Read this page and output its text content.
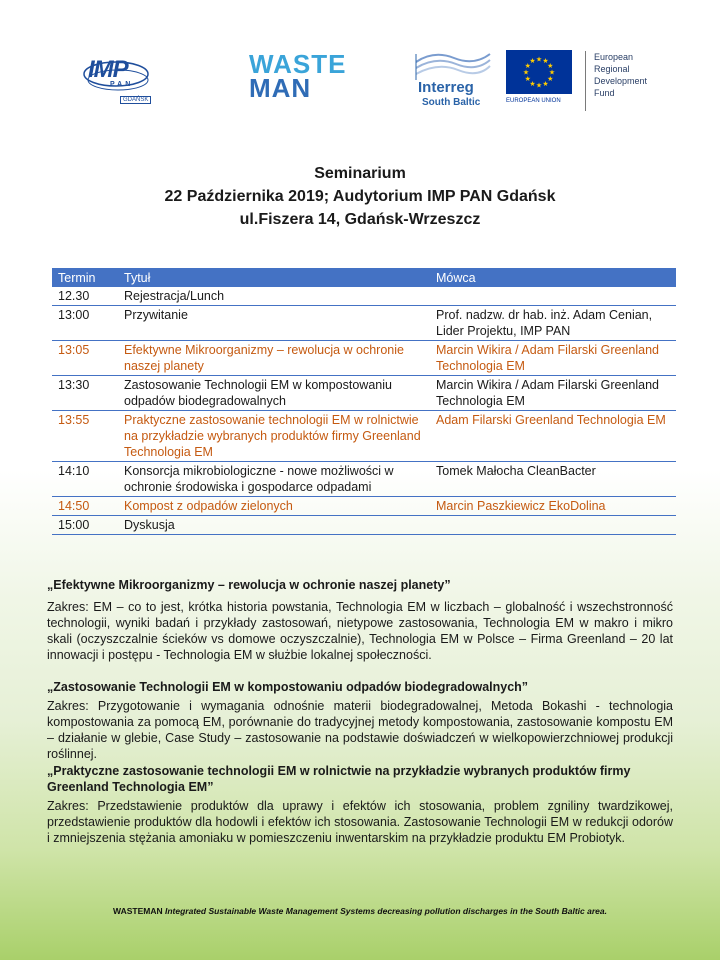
IMP
PAN
GDAŃSK
WASTE
MAN	Interreg
South Baltic
★ ★
★
★
★
★
★
★
★
★
★
★
EUROPEAN UNION
European
Regional
Development
Fund
Seminarium
22 Października 2019; Audytorium IMP PAN Gdańsk
ul.Fiszera 14, Gdańsk-Wrzeszcz
Termin	Tytuł	Mówca
12.30	Rejestracja/Lunch	
13:00	Przywitanie	Prof. nadzw. dr hab. inż. Adam Cenian, Lider Projektu, IMP PAN
13:05	Efektywne Mikroorganizmy – rewolucja w ochronie naszej planety	Marcin Wikira / Adam Filarski Greenland Technologia EM
13:30	Zastosowanie Technologii EM w kompostowaniu odpadów biodegradowalnych	Marcin Wikira / Adam Filarski Greenland Technologia EM
13:55	Praktyczne zastosowanie technologii EM w rolnictwie na przykładzie wybranych produktów firmy Greenland Technologia EM	Adam Filarski Greenland Technologia EM
14:10	Konsorcja mikrobiologiczne - nowe możliwości w ochronie środowiska i gospodarce odpadami	Tomek Małocha CleanBacter
14:50	Kompost z odpadów zielonych	Marcin Paszkiewicz EkoDolina
15:00	Dyskusja	
„Efektywne Mikroorganizmy – rewolucja w ochronie naszej planety”
Zakres: EM – co to jest, krótka historia powstania, Technologia EM w liczbach – globalność i wszechstronność technologii, wyniki badań i przykłady zastosowań, nietypowe zastosowania, Technologia EM w makro i mikro skali (oczyszczalnie ścieków vs domowe oczyszczalnie), Technologia EM w Polsce – Firma Greenland – 20 lat innowacji i postępu - Technologia EM w służbie lokalnej społeczności.
„Zastosowanie Technologii EM w kompostowaniu odpadów biodegradowalnych”
Zakres: Przygotowanie i wymagania odnośnie materii biodegradowalnej, Metoda Bokashi - technologia kompostowania za pomocą EM, porównanie do tradycyjnej metody kompostowania, zastosowanie kompostu EM – działanie w glebie, Case Study – zastosowanie na podstawie doświadczeń w wielkopowierzchniowej produkcji roślinnej.
„Praktyczne zastosowanie technologii EM w rolnictwie na przykładzie wybranych produktów firmy Greenland Technologia EM”
Zakres: Przedstawienie produktów dla uprawy i efektów ich stosowania, problem zgniliny twardzikowej, przedstawienie produktów dla hodowli i efektów ich stosowania. Zastosowanie Technologii EM w redukcji odorów i zmniejszenia stężania amoniaku w pomieszczeniu inwentarskim na przykładzie produktu EM Probiotyk.
WASTEMAN Integrated Sustainable Waste Management Systems decreasing pollution discharges in the South Baltic area.
